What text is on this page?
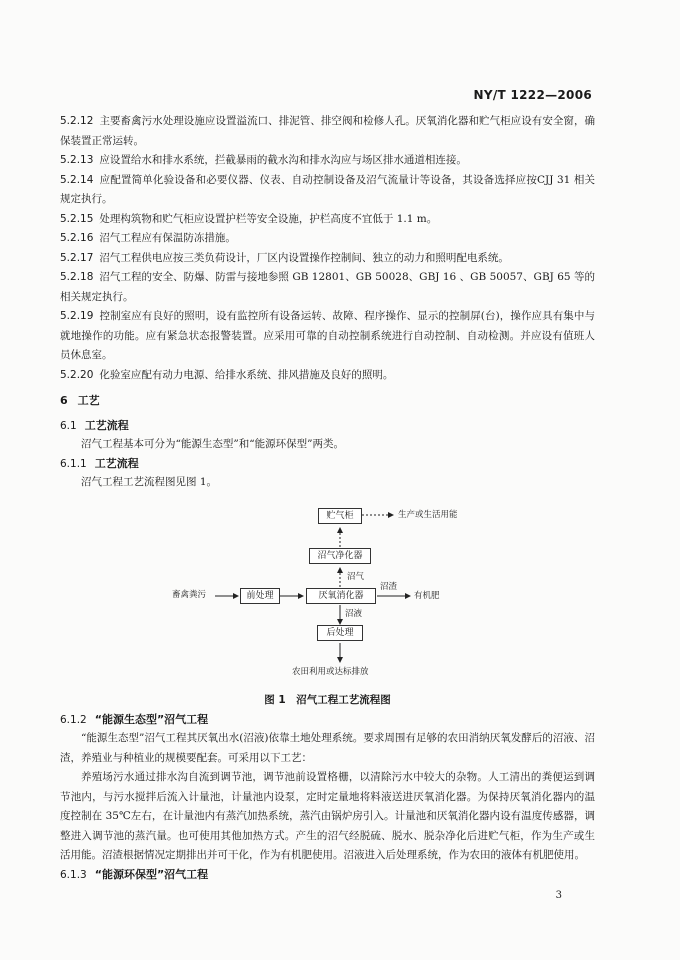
NY/T 1222—2006

5.2.12 主要畜禽污水处理设施应设置溢流口、排泥管、排空阀和检修人孔。厌氧消化器和贮气柜应设有安全窗，确保装置正常运转。

5.2.13 应设置给水和排水系统，拦截暴雨的截水沟和排水沟应与场区排水通道相连接。

5.2.14 应配置简单化验设备和必要仪器、仪表、自动控制设备及沼气流量计等设备，其设备选择应按CJJ 31 相关规定执行。

5.2.15 处理构筑物和贮气柜应设置护栏等安全设施，护栏高度不宜低于 1.1 m。

5.2.16 沼气工程应有保温防冻措施。

5.2.17 沼气工程供电应按三类负荷设计，厂区内设置操作控制间、独立的动力和照明配电系统。

5.2.18 沼气工程的安全、防爆、防雷与接地参照 GB 12801、GB 50028、GBJ 16 、GB 50057、GBJ 65 等的相关规定执行。

5.2.19 控制室应有良好的照明，设有监控所有设备运转、故障、程序操作、显示的控制屏(台)，操作应具有集中与就地操作的功能。应有紧急状态报警装置。应采用可靠的自动控制系统进行自动控制、自动检测。并应设有值班人员休息室。

5.2.20 化验室应配有动力电源、给排水系统、排风措施及良好的照明。

6 工艺

6.1 工艺流程

沼气工程基本可分为“能源生态型”和“能源环保型”两类。

6.1.1 工艺流程

沼气工程工艺流程图见图 1。

贮气柜
沼气净化器
前处理	厌氧消化器
后处理
畜禽粪污
生产或生活用能
沼气
沼渣
有机肥
沼液
农田利用或达标排放

图 1　沼气工程工艺流程图

6.1.2 “能源生态型”沼气工程

“能源生态型”沼气工程其厌氧出水(沼液)依靠土地处理系统。要求周围有足够的农田消纳厌氧发酵后的沼液、沼渣，养殖业与种植业的规模要配套。可采用以下工艺：

养殖场污水通过排水沟自流到调节池，调节池前设置格栅，以清除污水中较大的杂物。人工清出的粪便运到调节池内，与污水搅拌后流入计量池，计量池内设泵，定时定量地将料液送进厌氧消化器。为保持厌氧消化器内的温度控制在 35℃左右，在计量池内有蒸汽加热系统，蒸汽由锅炉房引入。计量池和厌氧消化器内设有温度传感器，调整进入调节池的蒸汽量。也可使用其他加热方式。产生的沼气经脱硫、脱水、脱杂净化后进贮气柜，作为生产或生活用能。沼渣根据情况定期排出并可干化，作为有机肥使用。沼液进入后处理系统，作为农田的液体有机肥使用。

6.1.3 “能源环保型”沼气工程

3
